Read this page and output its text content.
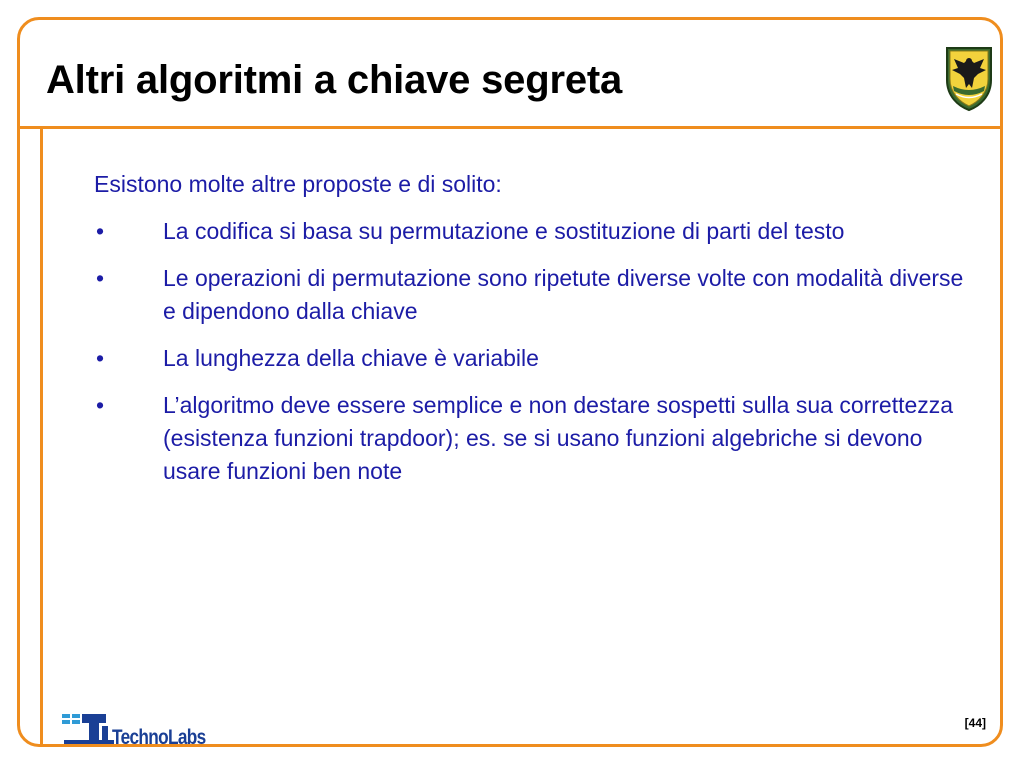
Altri algoritmi a chiave segreta

Esistono molte altre proposte e di solito:

•	La codifica si basa su permutazione e sostituzione di parti del testo
•	Le operazioni di permutazione sono ripetute diverse volte con modalità diverse e dipendono dalla chiave
•	La lunghezza della chiave è variabile
•	L’algoritmo deve essere semplice e non destare sospetti sulla sua correttezza (esistenza funzioni trapdoor); es. se si usano funzioni algebriche si devono usare funzioni ben note
TechnoLabs
[44]
